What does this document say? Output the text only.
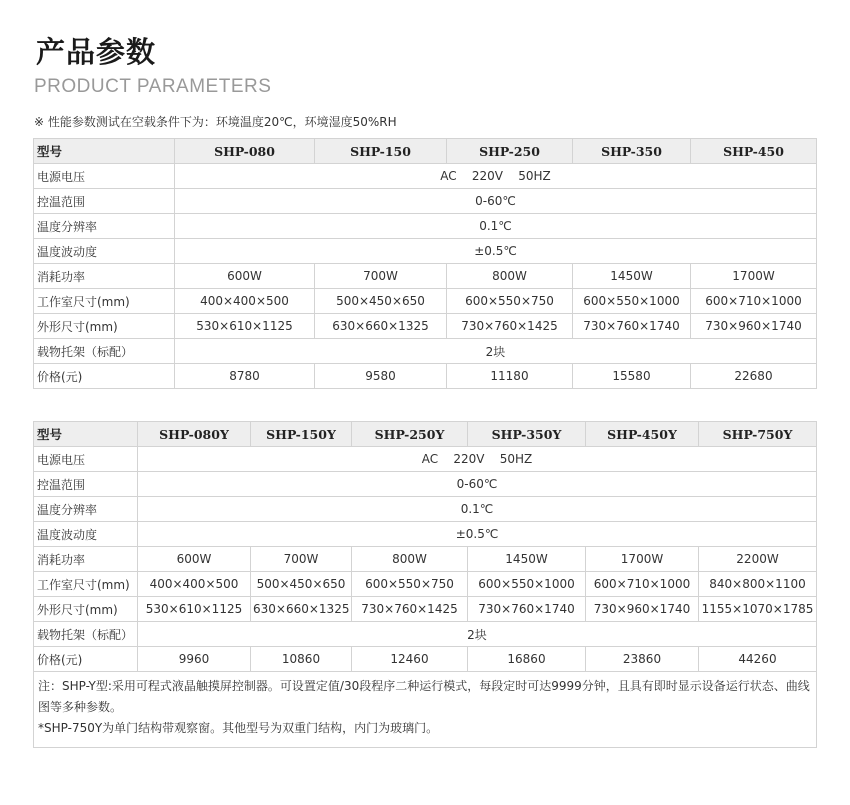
产品参数
PRODUCT PARAMETERS
※ 性能参数测试在空载条件下为：环境温度20℃，环境湿度50%RH
型号	SHP-080	SHP-150	SHP-250	SHP-350	SHP-450
电源电压	AC    220V    50HZ				
控温范围	0-60℃				
温度分辨率	0.1℃				
温度波动度	±0.5℃				
消耗功率	600W	700W	800W	1450W	1700W
工作室尺寸(mm)	400×400×500	500×450×650	600×550×750	600×550×1000	600×710×1000
外形尺寸(mm)	530×610×1125	630×660×1325	730×760×1425	730×760×1740	730×960×1740
载物托架（标配）	2块				
价格(元)	8780	9580	11180	15580	22680
型号	SHP-080Y	SHP-150Y	SHP-250Y	SHP-350Y	SHP-450Y	SHP-750Y
电源电压	AC    220V    50HZ					
控温范围	0-60℃					
温度分辨率	0.1℃					
温度波动度	±0.5℃					
消耗功率	600W	700W	800W	1450W	1700W	2200W
工作室尺寸(mm)	400×400×500	500×450×650	600×550×750	600×550×1000	600×710×1000	840×800×1100
外形尺寸(mm)	530×610×1125	630×660×1325	730×760×1425	730×760×1740	730×960×1740	1155×1070×1785
载物托架（标配）	2块					
价格(元)	9960	10860	12460	16860	23860	44260

注：SHP-Y型:采用可程式液晶触摸屏控制器。可设置定值/30段程序二种运行模式，每段定时可达9999分钟，且具有即时显示设备运行状态、曲线图等多种参数。
*SHP-750Y为单门结构带观察窗。其他型号为双重门结构，内门为玻璃门。						
